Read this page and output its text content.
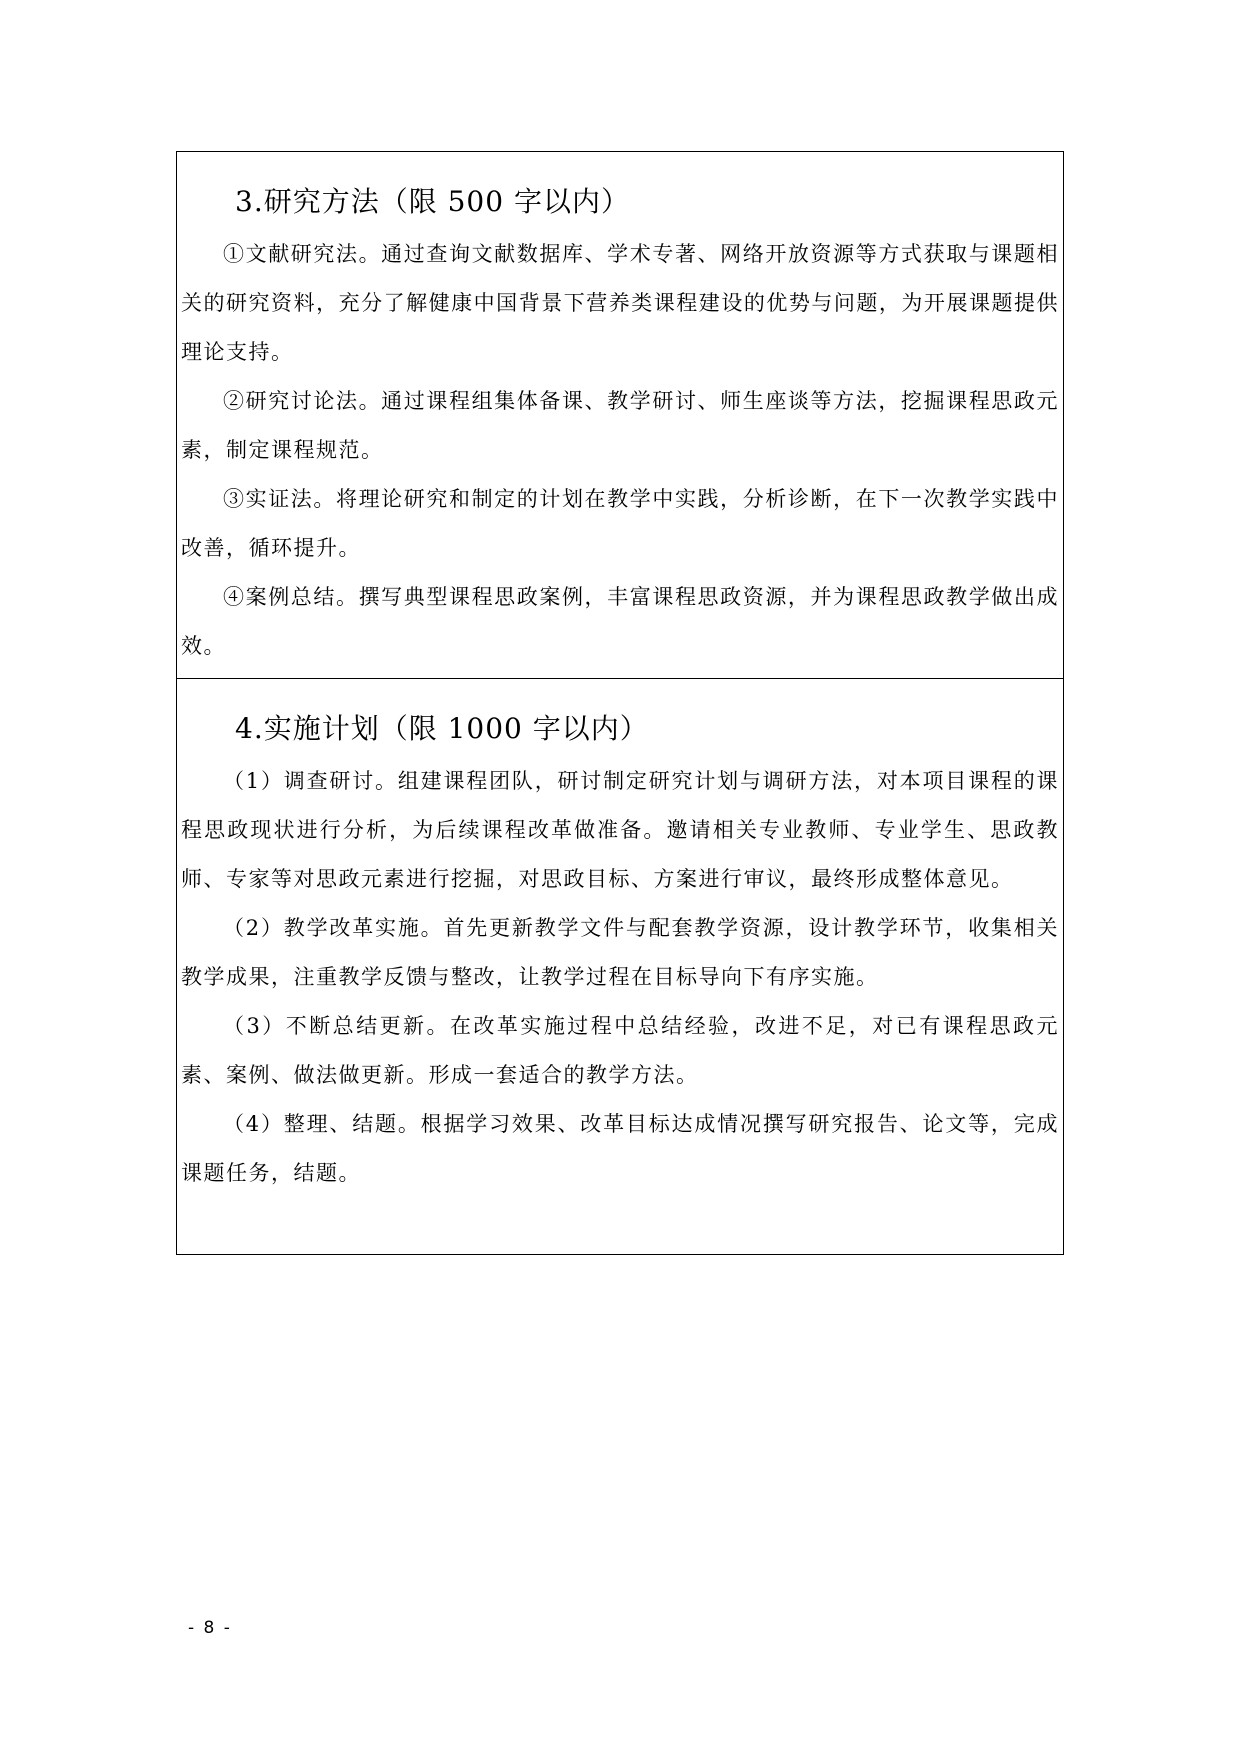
3.研究方法（限 500 字以内）

①文献研究法。通过查询文献数据库、学术专著、网络开放资源等方式获取与课题相关的研究资料，充分了解健康中国背景下营养类课程建设的优势与问题，为开展课题提供理论支持。

②研究讨论法。通过课程组集体备课、教学研讨、师生座谈等方法，挖掘课程思政元素，制定课程规范。

③实证法。将理论研究和制定的计划在教学中实践，分析诊断，在下一次教学实践中改善，循环提升。

④案例总结。撰写典型课程思政案例，丰富课程思政资源，并为课程思政教学做出成效。

4.实施计划（限 1000 字以内）

（1）调查研讨。组建课程团队，研讨制定研究计划与调研方法，对本项目课程的课程思政现状进行分析，为后续课程改革做准备。邀请相关专业教师、专业学生、思政教师、专家等对思政元素进行挖掘，对思政目标、方案进行审议，最终形成整体意见。

（2）教学改革实施。首先更新教学文件与配套教学资源，设计教学环节，收集相关教学成果，注重教学反馈与整改，让教学过程在目标导向下有序实施。

（3）不断总结更新。在改革实施过程中总结经验，改进不足，对已有课程思政元素、案例、做法做更新。形成一套适合的教学方法。

（4）整理、结题。根据学习效果、改革目标达成情况撰写研究报告、论文等，完成课题任务，结题。

- 8 -
